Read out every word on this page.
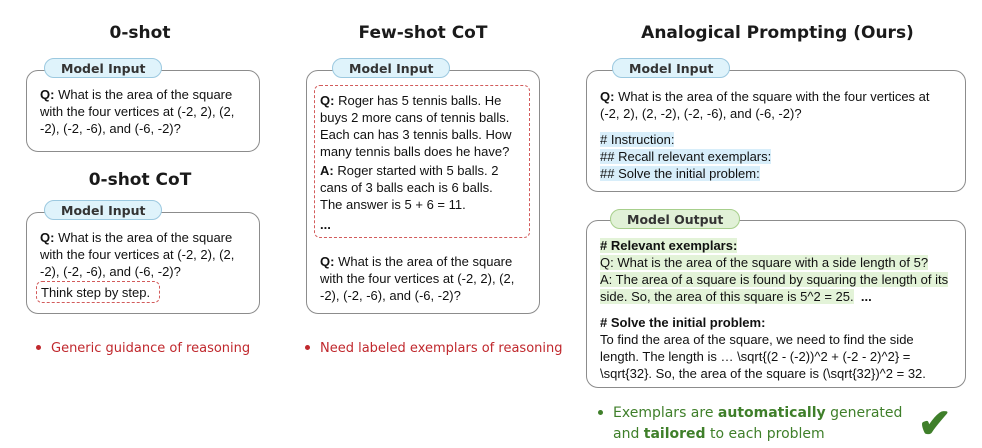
0-shot
Model Input
Q: What is the area of the square
with the four vertices at (-2, 2), (2,
-2), (-2, -6), and (-6, -2)?
0-shot CoT
Model Input
Q: What is the area of the square
with the four vertices at (-2, 2), (2,
-2), (-2, -6), and (-6, -2)?
Think step by step.
Generic guidance of reasoning
Few-shot CoT
Model Input
Q: Roger has 5 tennis balls. He
buys 2 more cans of tennis balls.
Each can has 3 tennis balls. How
many tennis balls does he have?
A: Roger started with 5 balls. 2
cans of 3 balls each is 6 balls.
The answer is 5 + 6 = 11.
...
Q: What is the area of the square
with the four vertices at (-2, 2), (2,
-2), (-2, -6), and (-6, -2)?
Need labeled exemplars of reasoning
Analogical Prompting (Ours)
Model Input
Q: What is the area of the square with the four vertices at
(-2, 2), (2, -2), (-2, -6), and (-6, -2)?
# Instruction:
## Recall relevant exemplars:
## Solve the initial problem:
Model Output
# Relevant exemplars:
Q: What is the area of the square with a side length of 5?
A: The area of a square is found by squaring the length of its
side. So, the area of this square is 5^2 = 25. ...
# Solve the initial problem:
To find the area of the square, we need to find the side
length. The length is … \sqrt{(2 - (-2))^2 + (-2 - 2)^2} =
\sqrt{32}. So, the area of the square is (\sqrt{32})^2 = 32.
Exemplars are automatically generated
and tailored to each problem	✔
